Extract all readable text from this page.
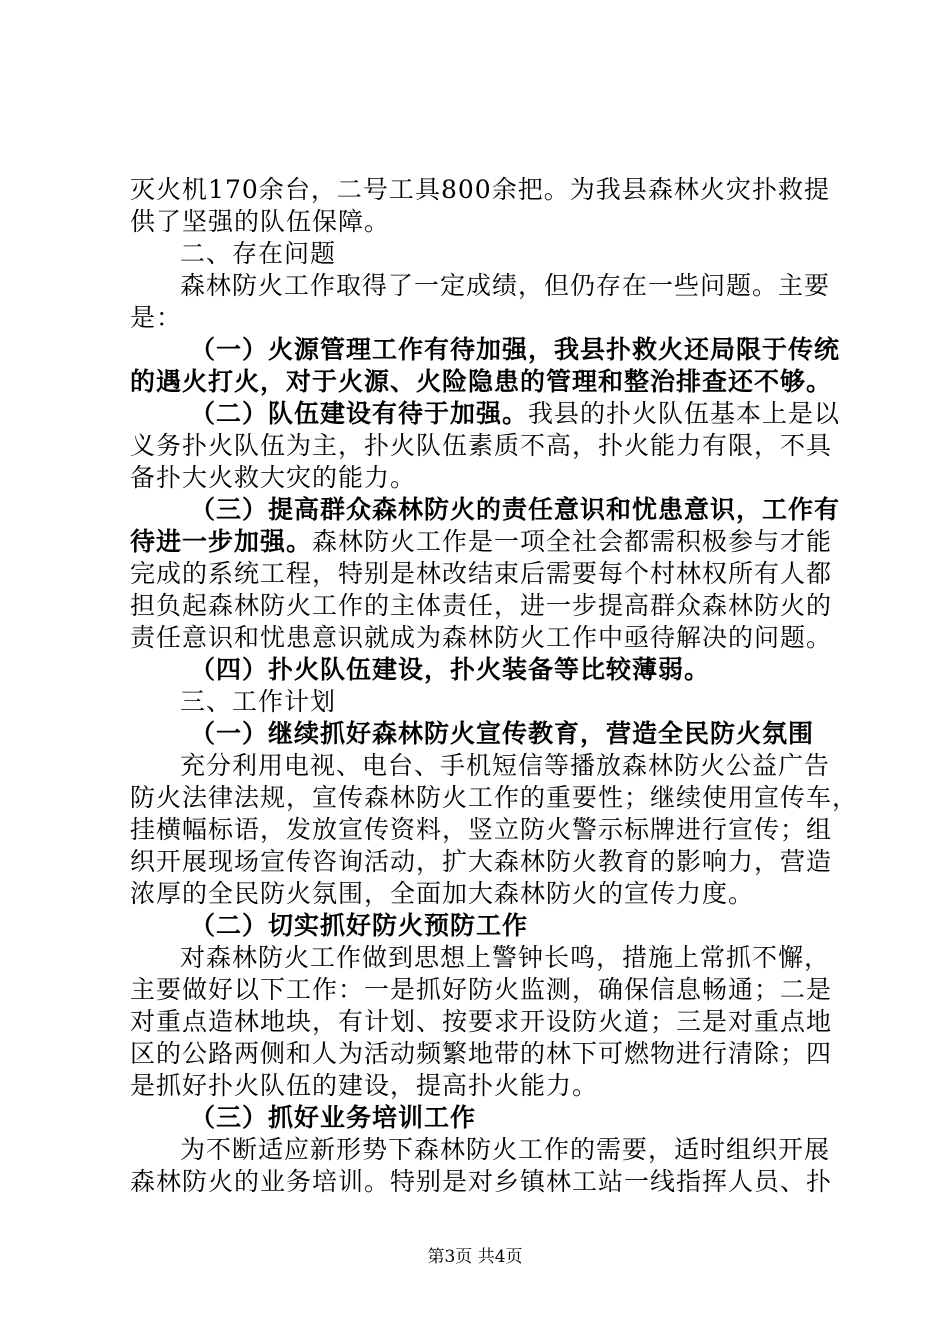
灭火机170余台，二号工具800余把。为我县森林火灾扑救提
供了坚强的队伍保障。
二、存在问题
森林防火工作取得了一定成绩，但仍存在一些问题。主要
是：
（一）火源管理工作有待加强，我县扑救火还局限于传统
的遇火打火，对于火源、火险隐患的管理和整治排查还不够。
（二）队伍建设有待于加强。我县的扑火队伍基本上是以
义务扑火队伍为主，扑火队伍素质不高，扑火能力有限，不具
备扑大火救大灾的能力。
（三）提高群众森林防火的责任意识和忧患意识，工作有
待进一步加强。森林防火工作是一项全社会都需积极参与才能
完成的系统工程，特别是林改结束后需要每个村林权所有人都
担负起森林防火工作的主体责任，进一步提高群众森林防火的
责任意识和忧患意识就成为森林防火工作中亟待解决的问题。
（四）扑火队伍建设，扑火装备等比较薄弱。
三、工作计划
（一）继续抓好森林防火宣传教育，营造全民防火氛围
充分利用电视、电台、手机短信等播放森林防火公益广告
防火法律法规，宣传森林防火工作的重要性；继续使用宣传车，
挂横幅标语，发放宣传资料，竖立防火警示标牌进行宣传；组
织开展现场宣传咨询活动，扩大森林防火教育的影响力，营造
浓厚的全民防火氛围，全面加大森林防火的宣传力度。
（二）切实抓好防火预防工作
对森林防火工作做到思想上警钟长鸣，措施上常抓不懈，
主要做好以下工作：一是抓好防火监测，确保信息畅通；二是
对重点造林地块，有计划、按要求开设防火道；三是对重点地
区的公路两侧和人为活动频繁地带的林下可燃物进行清除；四
是抓好扑火队伍的建设，提高扑火能力。
（三）抓好业务培训工作
为不断适应新形势下森林防火工作的需要，适时组织开展
森林防火的业务培训。特别是对乡镇林工站一线指挥人员、扑
第3页 共4页
